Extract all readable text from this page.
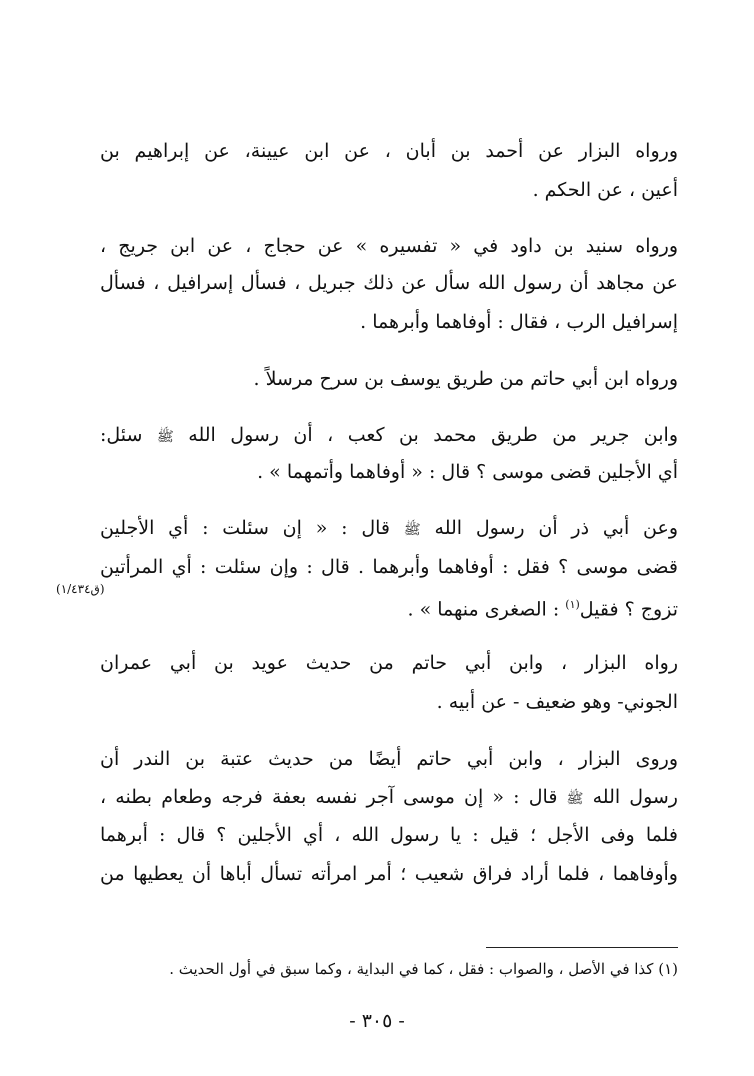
ورواه البزار عن أحمد بن أبان ، عن ابن عيينة، عن إبراهيم بن
أعين ، عن الحكم .
ورواه سنيد بن داود في « تفسيره » عن حجاج ، عن ابن جريج ،
عن مجاهد أن رسول الله سأل عن ذلك جبريل ، فسأل إسرافيل ، فسأل
إسرافيل الرب ، فقال : أوفاهما وأبرهما .
ورواه ابن أبي حاتم من طريق يوسف بن سرح مرسلاً .
وابن جرير من طريق محمد بن كعب ، أن رسول الله ﷺ سئل:
أي الأجلين قضى موسى ؟ قال : « أوفاهما وأتمهما » .
وعن أبي ذر أن رسول الله ﷺ قال : « إن سئلت : أي الأجلين
قضى موسى ؟ فقل : أوفاهما وأبرهما . قال : وإن سئلت : أي المرأتين
تزوج ؟ فقيل$^{(١)}$ : الصغرى منهما » .
(ق١/٤٣٤)
رواه البزار ، وابن أبي حاتم من حديث عويد بن أبي عمران
الجوني- وهو ضعيف - عن أبيه .
وروى البزار ، وابن أبي حاتم أيضًا من حديث عتبة بن الندر أن
رسول الله ﷺ قال : « إن موسى آجر نفسه بعفة فرجه وطعام بطنه ،
فلما وفى الأجل ؛ قيل : يا رسول الله ، أي الأجلين ؟ قال : أبرهما
وأوفاهما ، فلما أراد فراق شعيب ؛ أمر امرأته تسأل أباها أن يعطيها من
(١) كذا في الأصل ، والصواب : فقل ، كما في البداية ، وكما سبق في أول الحديث .
- ٣٠٥ -
